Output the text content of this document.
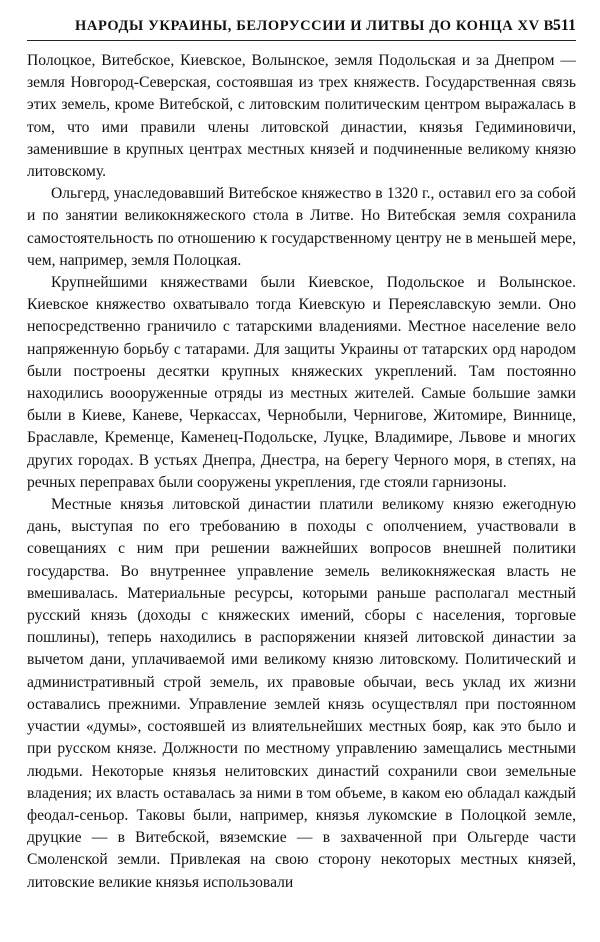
НАРОДЫ УКРАИНЫ, БЕЛОРУССИИ И ЛИТВЫ ДО КОНЦА XV В.
511

Полоцкое, Витебское, Киевское, Волынское, земля Подольская и за Днепром — земля Новгород-Северская, состоявшая из трех княжеств. Государственная связь этих земель, кроме Витебской, с литовским политическим центром выражалась в том, что ими правили члены литовской династии, князья Гедиминовичи, заменившие в крупных центрах местных князей и подчиненные великому князю литовскому.

Ольгерд, унаследовавший Витебское княжество в 1320 г., оставил его за собой и по занятии великокняжеского стола в Литве. Но Витебская земля сохранила самостоятельность по отношению к государственному центру не в меньшей мере, чем, например, земля Полоцкая.

Крупнейшими княжествами были Киевское, Подольское и Волынское. Киевское княжество охватывало тогда Киевскую и Переяславскую земли. Оно непосредственно граничило с татарскими владениями. Местное население вело напряженную борьбу с татарами. Для защиты Украины от татарских орд народом были построены десятки крупных княжеских укреплений. Там постоянно находились воооруженные отряды из местных жителей. Самые большие замки были в Киеве, Каневе, Черкассах, Чернобыли, Чернигове, Житомире, Виннице, Браславле, Кременце, Каменец-Подольске, Луцке, Владимире, Львове и многих других городах. В устьях Днепра, Днестра, на берегу Черного моря, в степях, на речных переправах были сооружены укрепления, где стояли гарнизоны.

Местные князья литовской династии платили великому князю ежегодную дань, выступая по его требованию в походы с ополчением, участвовали в совещаниях с ним при решении важнейших вопросов внешней политики государства. Во внутреннее управление земель великокняжеская власть не вмешивалась. Материальные ресурсы, которыми раньше располагал местный русский князь (доходы с княжеских имений, сборы с населения, торговые пошлины), теперь находились в распоряжении князей литовской династии за вычетом дани, уплачиваемой ими великому князю литовскому. Политический и административный строй земель, их правовые обычаи, весь уклад их жизни оставались прежними. Управление землей князь осуществлял при постоянном участии «думы», состоявшей из влиятельнейших местных бояр, как это было и при русском князе. Должности по местному управлению замещались местными людьми. Некоторые князья нелитовских династий сохранили свои земельные владения; их власть оставалась за ними в том объеме, в каком ею обладал каждый феодал-сеньор. Таковы были, например, князья лукомские в Полоцкой земле, друцкие — в Витебской, вяземские — в захваченной при Ольгерде части Смоленской земли. Привлекая на свою сторону некоторых местных князей, литовские великие князья использовали
